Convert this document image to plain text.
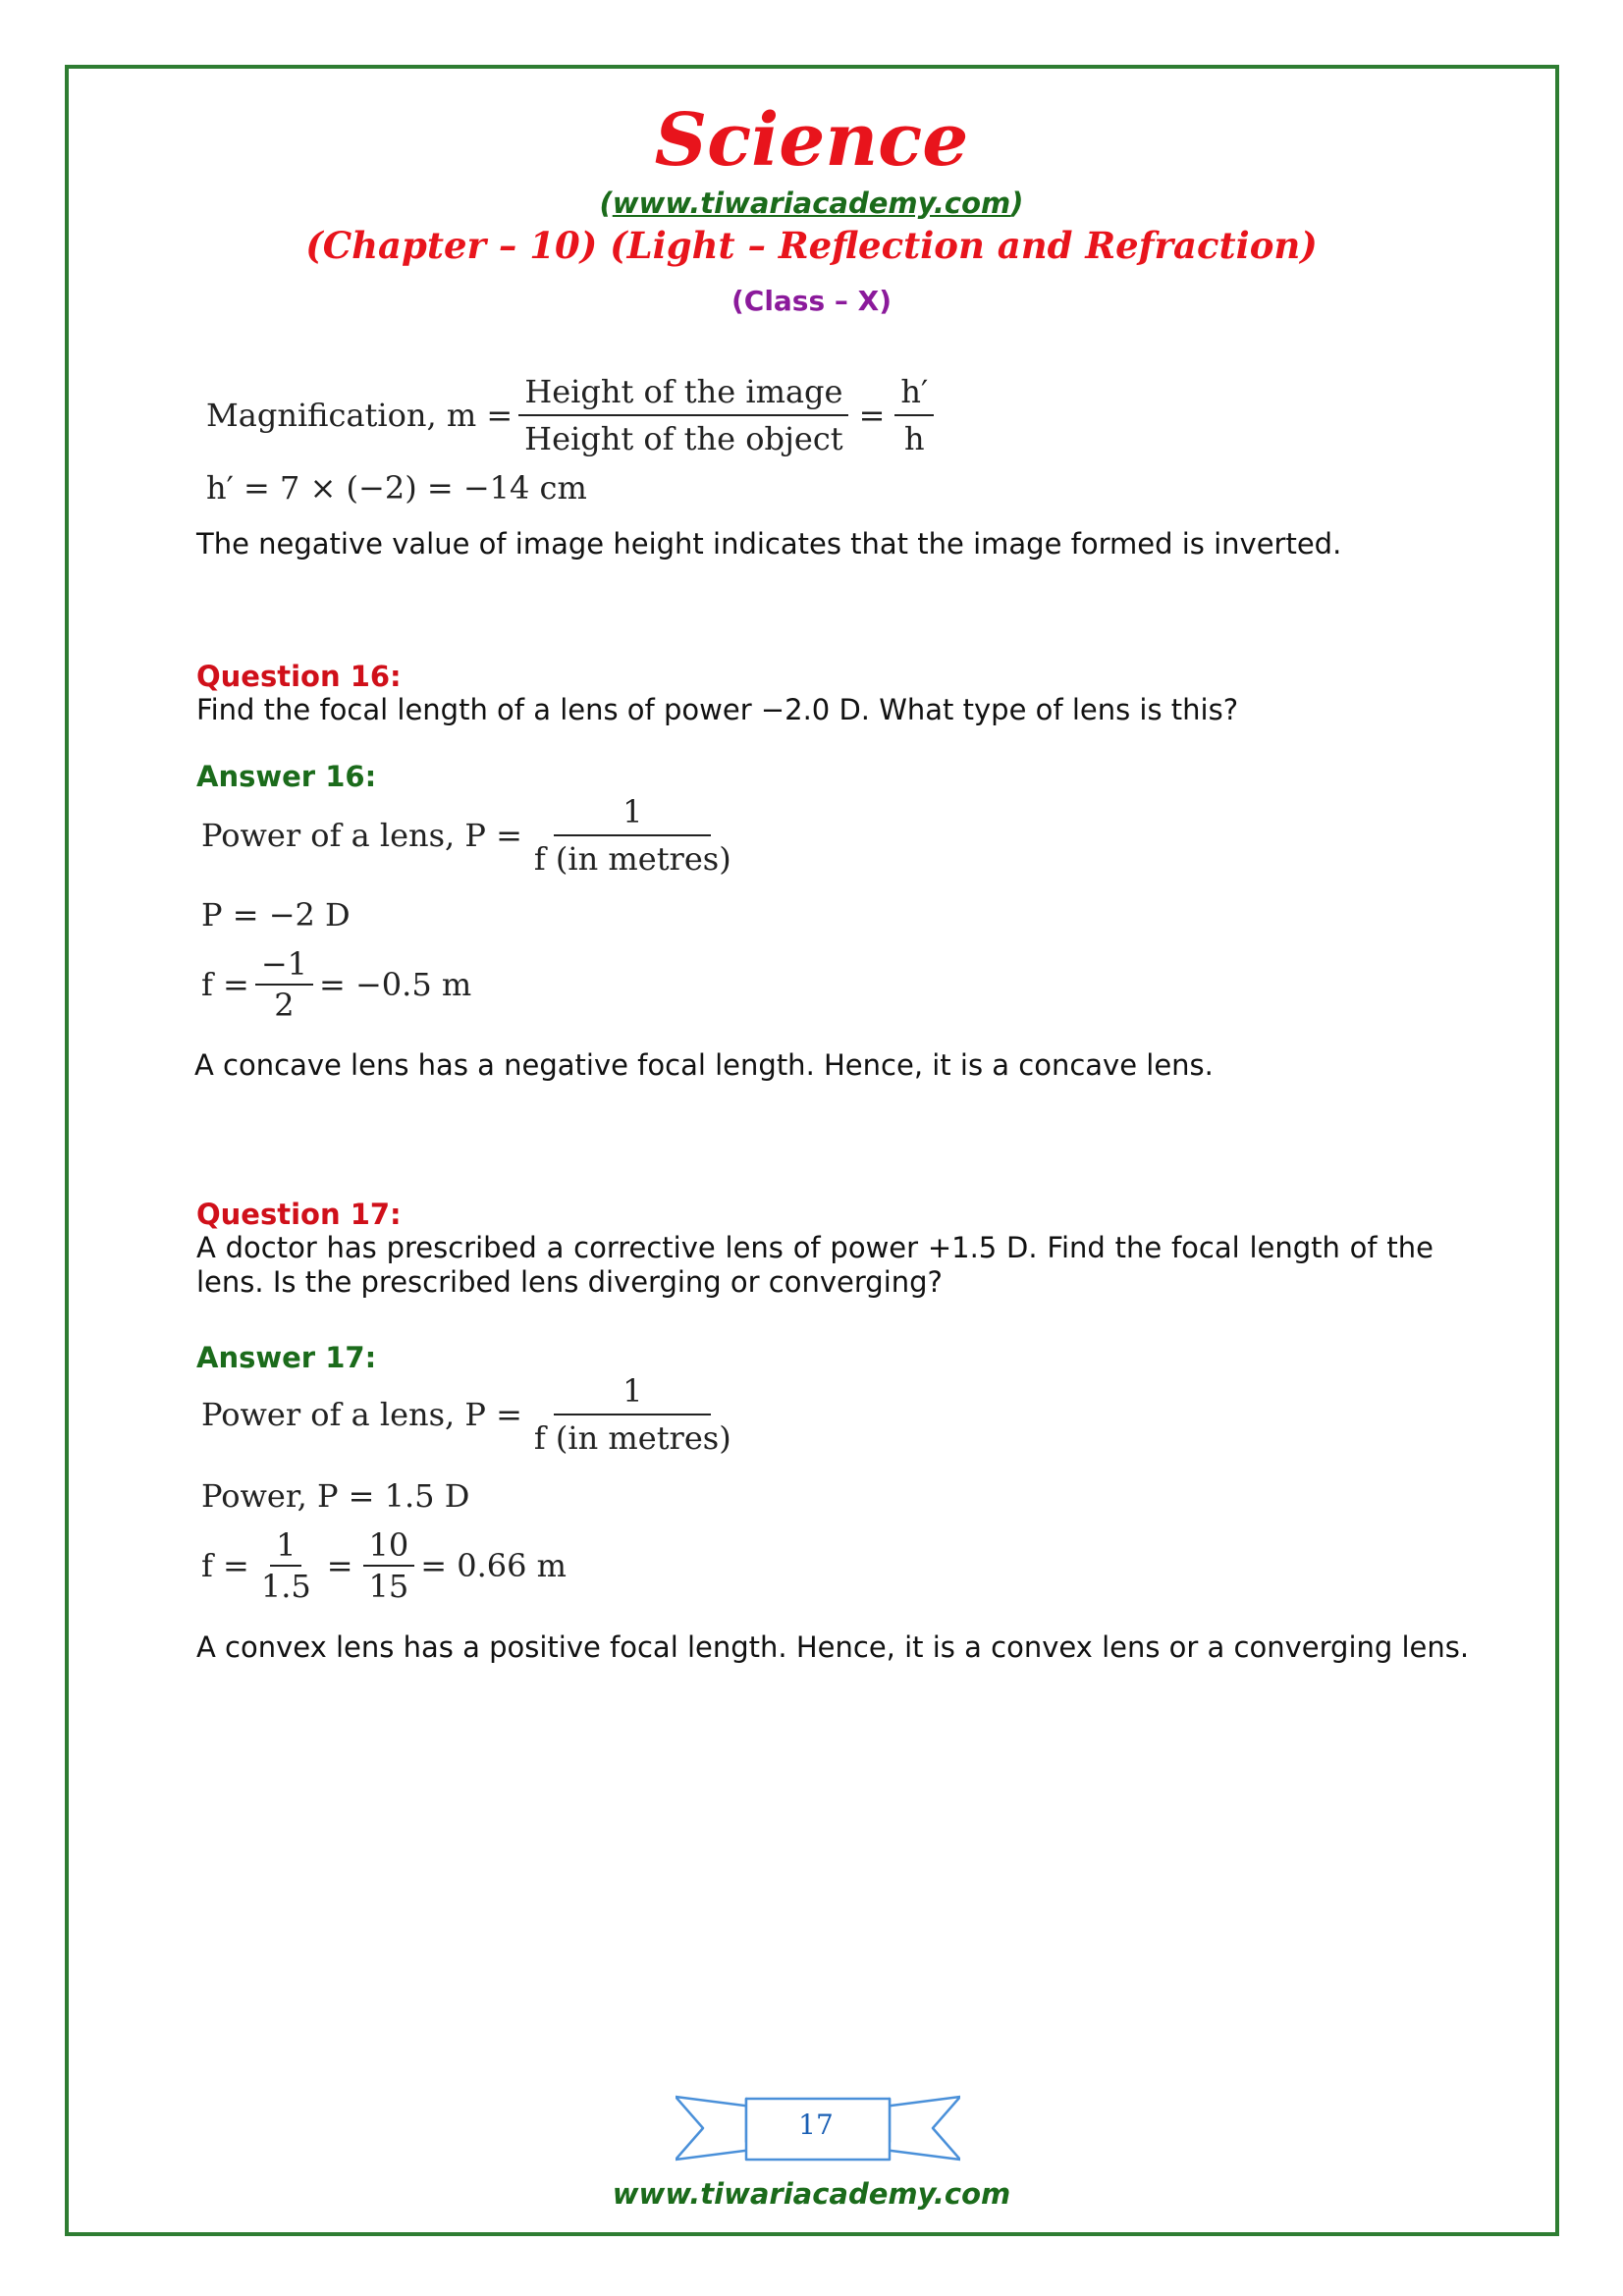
Science
(www.tiwariacademy.com)
(Chapter – 10) (Light – Reflection and Refraction)
(Class – X)
Magnification, $m = \frac{\text{Height of the image}}{\text{Height of the object}} = \frac{h'}{h}$
h′ = 7 × (−2) = −14 cm
The negative value of image height indicates that the image formed is inverted.
Question 16:
Find the focal length of a lens of power −2.0 D. What type of lens is this?
Answer 16:
Power of a lens, $P = \frac{1}{\text{f (in metres)}}$
P = −2 D
$f = \frac{-1}{2} = -0.5$ m
A concave lens has a negative focal length. Hence, it is a concave lens.
Question 17:
A doctor has prescribed a corrective lens of power +1.5 D. Find the focal length of the lens. Is the prescribed lens diverging or converging?
Answer 17:
Power of a lens, $P = \frac{1}{\text{f (in metres)}}$
Power, P = 1.5 D
$f = \frac{1}{1.5} = \frac{10}{15} = 0.66$ m
A convex lens has a positive focal length. Hence, it is a convex lens or a converging lens.
17
www.tiwariacademy.com
